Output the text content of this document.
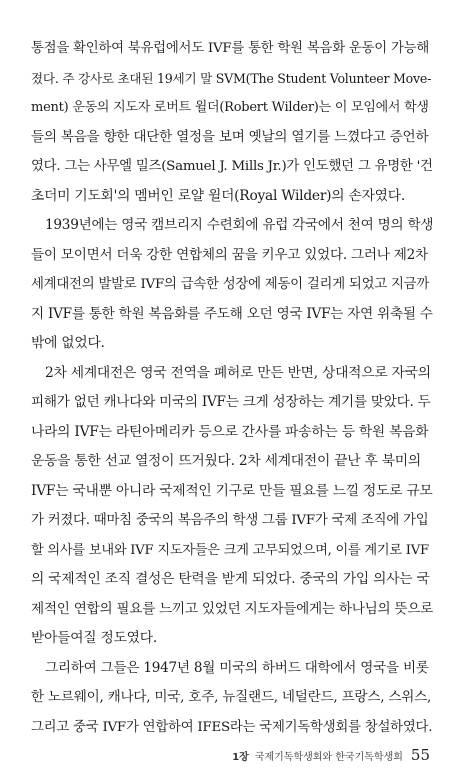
통점을 확인하여 북유럽에서도 IVF를 통한 학원 복음화 운동이 가능해
졌다. 주 강사로 초대된 19세기 말 SVM(The Student Volunteer Move-
ment) 운동의 지도자 로버트 윌더(Robert Wilder)는 이 모임에서 학생
들의 복음을 향한 대단한 열정을 보며 옛날의 열기를 느꼈다고 증언하
였다. 그는 사무엘 밀즈(Samuel J. Mills Jr.)가 인도했던 그 유명한 '건
초더미 기도회'의 멤버인 로얄 윌더(Royal Wilder)의 손자였다.
1939년에는 영국 캠브리지 수련회에 유럽 각국에서 천여 명의 학생
들이 모이면서 더욱 강한 연합체의 꿈을 키우고 있었다. 그러나 제2차
세계대전의 발발로 IVF의 급속한 성장에 제동이 걸리게 되었고 지금까
지 IVF를 통한 학원 복음화를 주도해 오던 영국 IVF는 자연 위축될 수
밖에 없었다.
2차 세계대전은 영국 전역을 폐허로 만든 반면, 상대적으로 자국의
피해가 없던 캐나다와 미국의 IVF는 크게 성장하는 계기를 맞았다. 두
나라의 IVF는 라틴아메리카 등으로 간사를 파송하는 등 학원 복음화
운동을 통한 선교 열정이 뜨거웠다. 2차 세계대전이 끝난 후 북미의
IVF는 국내뿐 아니라 국제적인 기구로 만들 필요를 느낄 정도로 규모
가 커졌다. 때마침 중국의 복음주의 학생 그룹 IVF가 국제 조직에 가입
할 의사를 보내와 IVF 지도자들은 크게 고무되었으며, 이를 계기로 IVF
의 국제적인 조직 결성은 탄력을 받게 되었다. 중국의 가입 의사는 국
제적인 연합의 필요를 느끼고 있었던 지도자들에게는 하나님의 뜻으로
받아들여질 정도였다.
그리하여 그들은 1947년 8월 미국의 하버드 대학에서 영국을 비롯
한 노르웨이, 캐나다, 미국, 호주, 뉴질랜드, 네덜란드, 프랑스, 스위스,
그리고 중국 IVF가 연합하여 IFES라는 국제기독학생회를 창설하였다.
1장 국제기독학생회와 한국기독학생회 55
